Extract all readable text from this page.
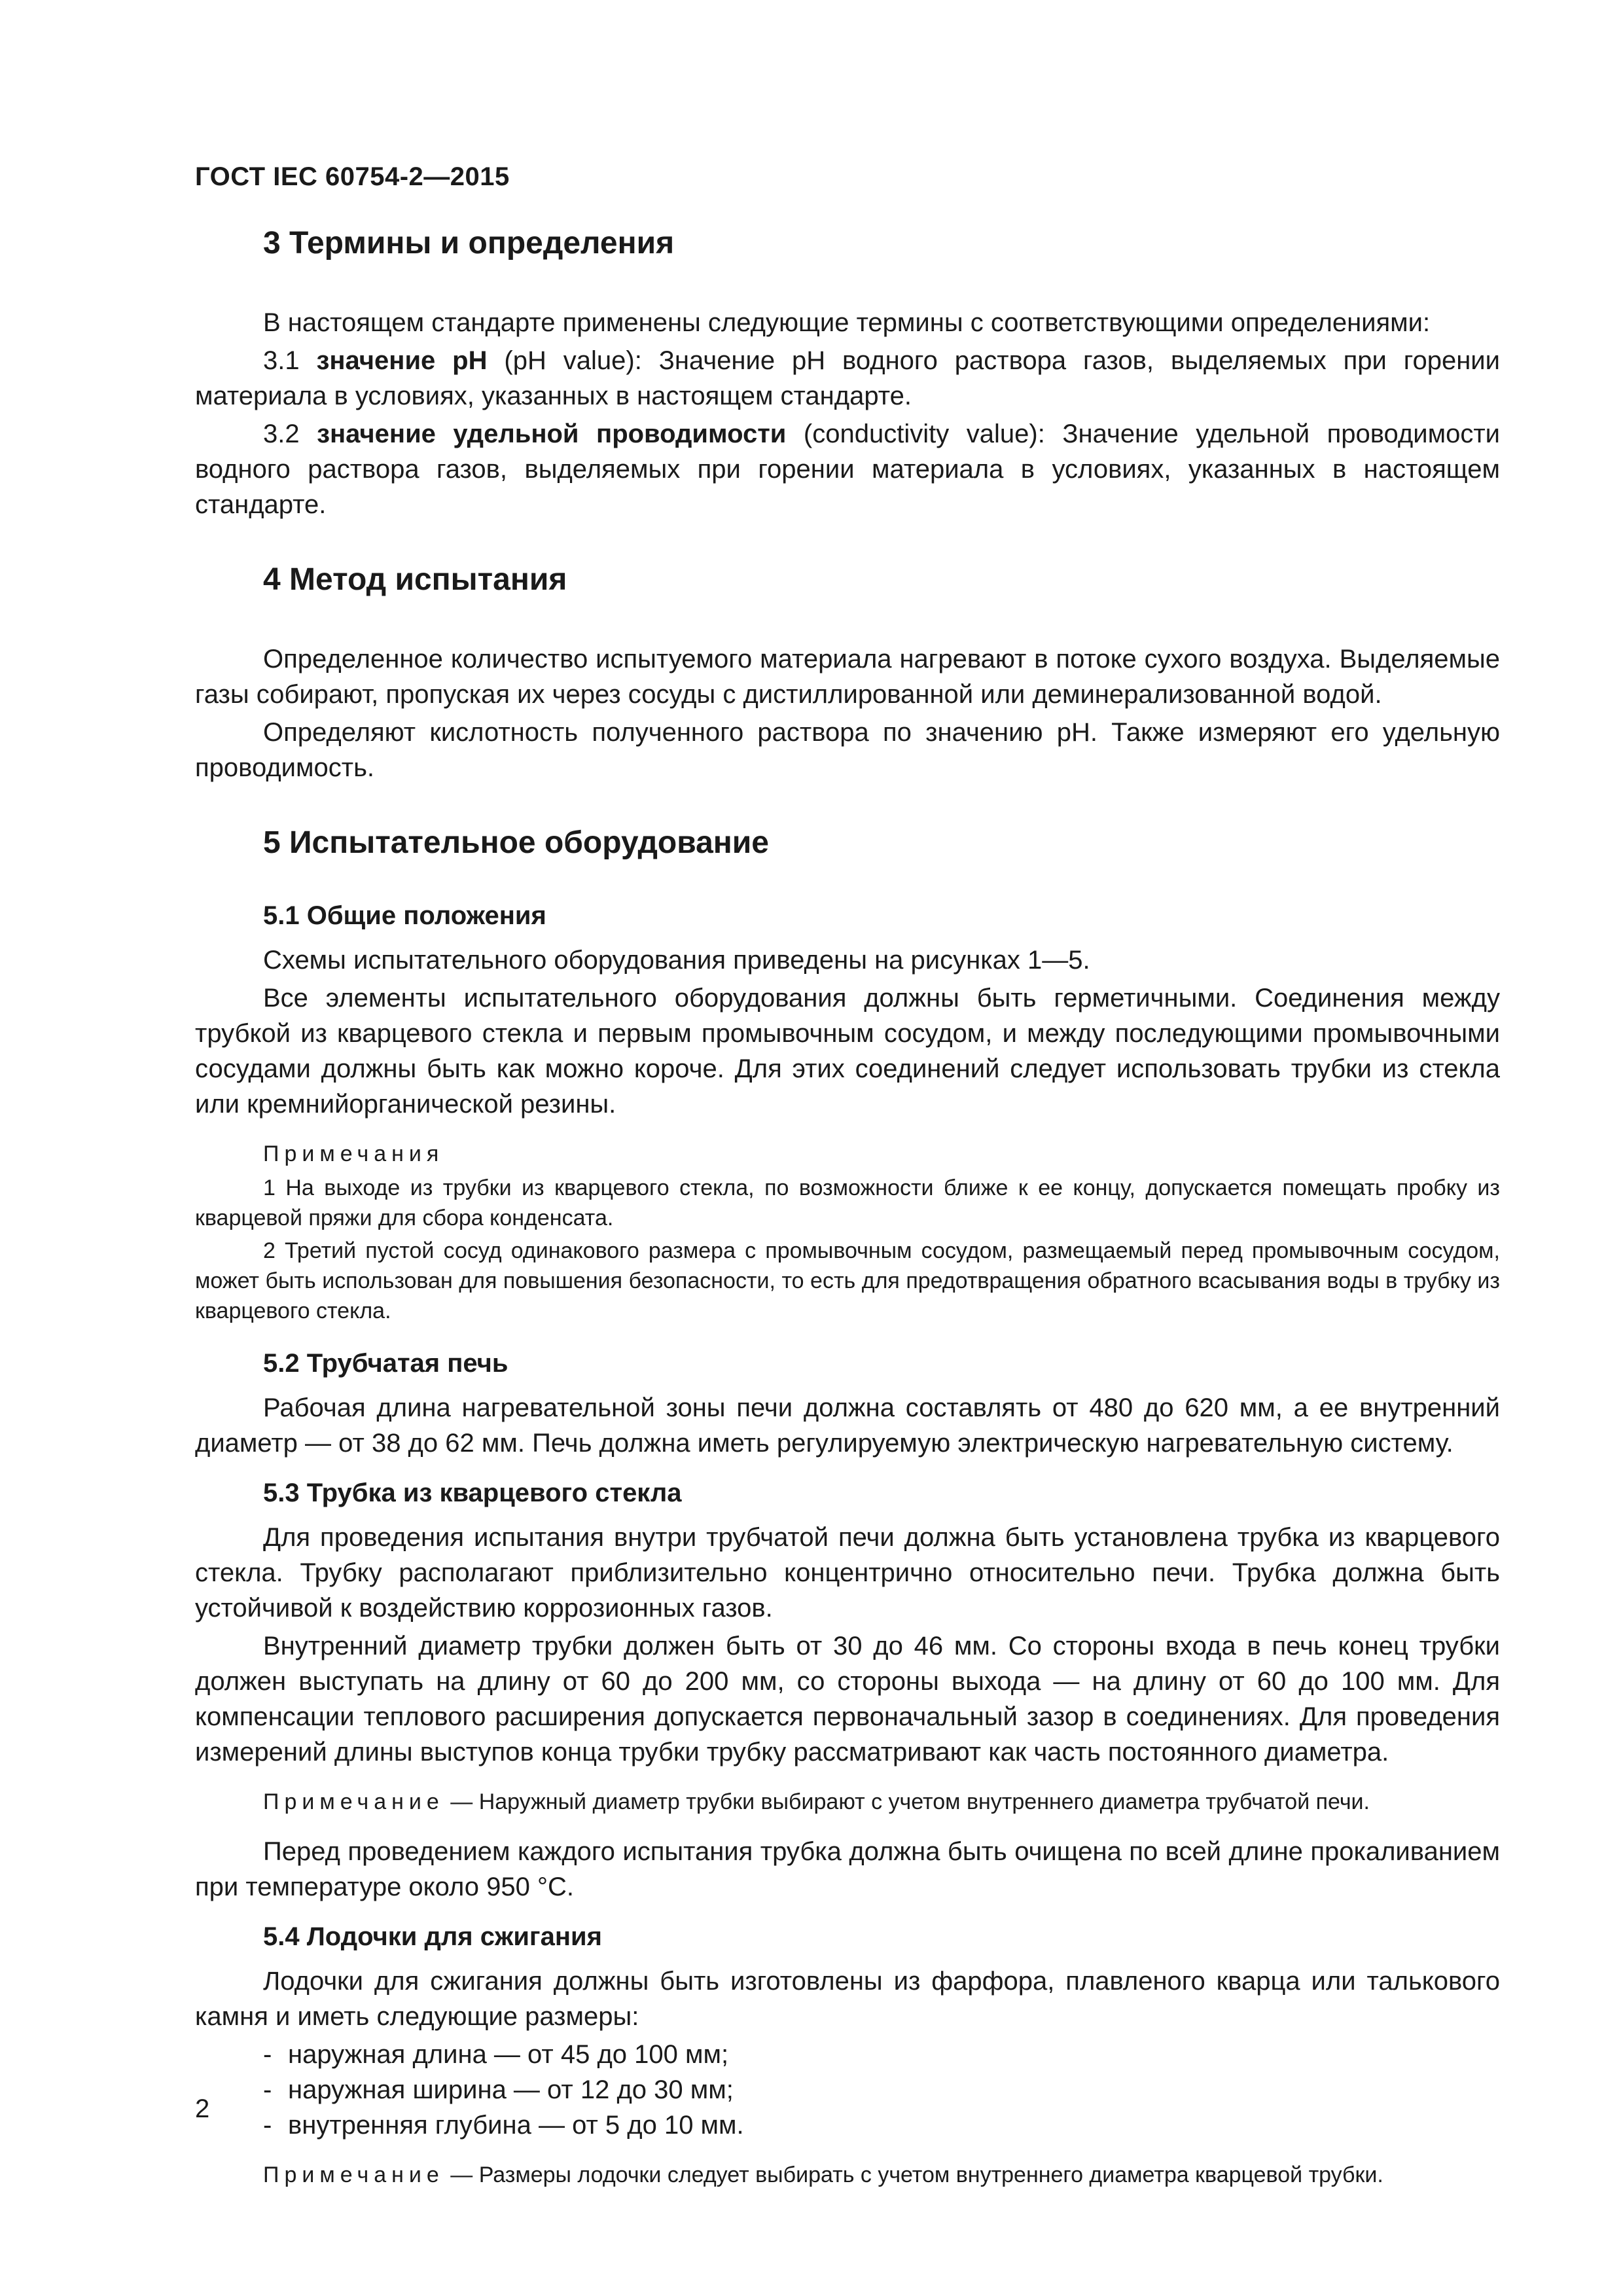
ГОСТ IEC 60754-2—2015
3 Термины и определения

В настоящем стандарте применены следующие термины с соответствующими определениями:

3.1 значение pH (pH value): Значение pH водного раствора газов, выделяемых при горении материала в условиях, указанных в настоящем стандарте.

3.2 значение удельной проводимости (conductivity value): Значение удельной проводимости водного раствора газов, выделяемых при горении материала в условиях, указанных в настоящем стандарте.

4 Метод испытания

Определенное количество испытуемого материала нагревают в потоке сухого воздуха. Выделяемые газы собирают, пропуская их через сосуды с дистиллированной или деминерализованной водой.

Определяют кислотность полученного раствора по значению pH. Также измеряют его удельную проводимость.

5 Испытательное оборудование
5.1 Общие положения

Схемы испытательного оборудования приведены на рисунках 1—5.

Все элементы испытательного оборудования должны быть герметичными. Соединения между трубкой из кварцевого стекла и первым промывочным сосудом, и между последующими промывочными сосудами должны быть как можно короче. Для этих соединений следует использовать трубки из стекла или кремнийорганической резины.

Примечания

1 На выходе из трубки из кварцевого стекла, по возможности ближе к ее концу, допускается помещать пробку из кварцевой пряжи для сбора конденсата.

2 Третий пустой сосуд одинакового размера с промывочным сосудом, размещаемый перед промывочным сосудом, может быть использован для повышения безопасности, то есть для предотвращения обратного всасывания воды в трубку из кварцевого стекла.

5.2 Трубчатая печь

Рабочая длина нагревательной зоны печи должна составлять от 480 до 620 мм, а ее внутренний диаметр — от 38 до 62 мм. Печь должна иметь регулируемую электрическую нагревательную систему.

5.3 Трубка из кварцевого стекла

Для проведения испытания внутри трубчатой печи должна быть установлена трубка из кварцевого стекла. Трубку располагают приблизительно концентрично относительно печи. Трубка должна быть устойчивой к воздействию коррозионных газов.

Внутренний диаметр трубки должен быть от 30 до 46 мм. Со стороны входа в печь конец трубки должен выступать на длину от 60 до 200 мм, со стороны выхода — на длину от 60 до 100 мм. Для компенсации теплового расширения допускается первоначальный зазор в соединениях. Для проведения измерений длины выступов конца трубки трубку рассматривают как часть постоянного диаметра.

Примечание — Наружный диаметр трубки выбирают с учетом внутреннего диаметра трубчатой печи.

Перед проведением каждого испытания трубка должна быть очищена по всей длине прокаливанием при температуре около 950 °C.

5.4 Лодочки для сжигания

Лодочки для сжигания должны быть изготовлены из фарфора, плавленого кварца или талькового камня и иметь следующие размеры:

- наружная длина — от 45 до 100 мм;
- наружная ширина — от 12 до 30 мм;
- внутренняя глубина — от 5 до 10 мм.

Примечание — Размеры лодочки следует выбирать с учетом внутреннего диаметра кварцевой трубки.

2
